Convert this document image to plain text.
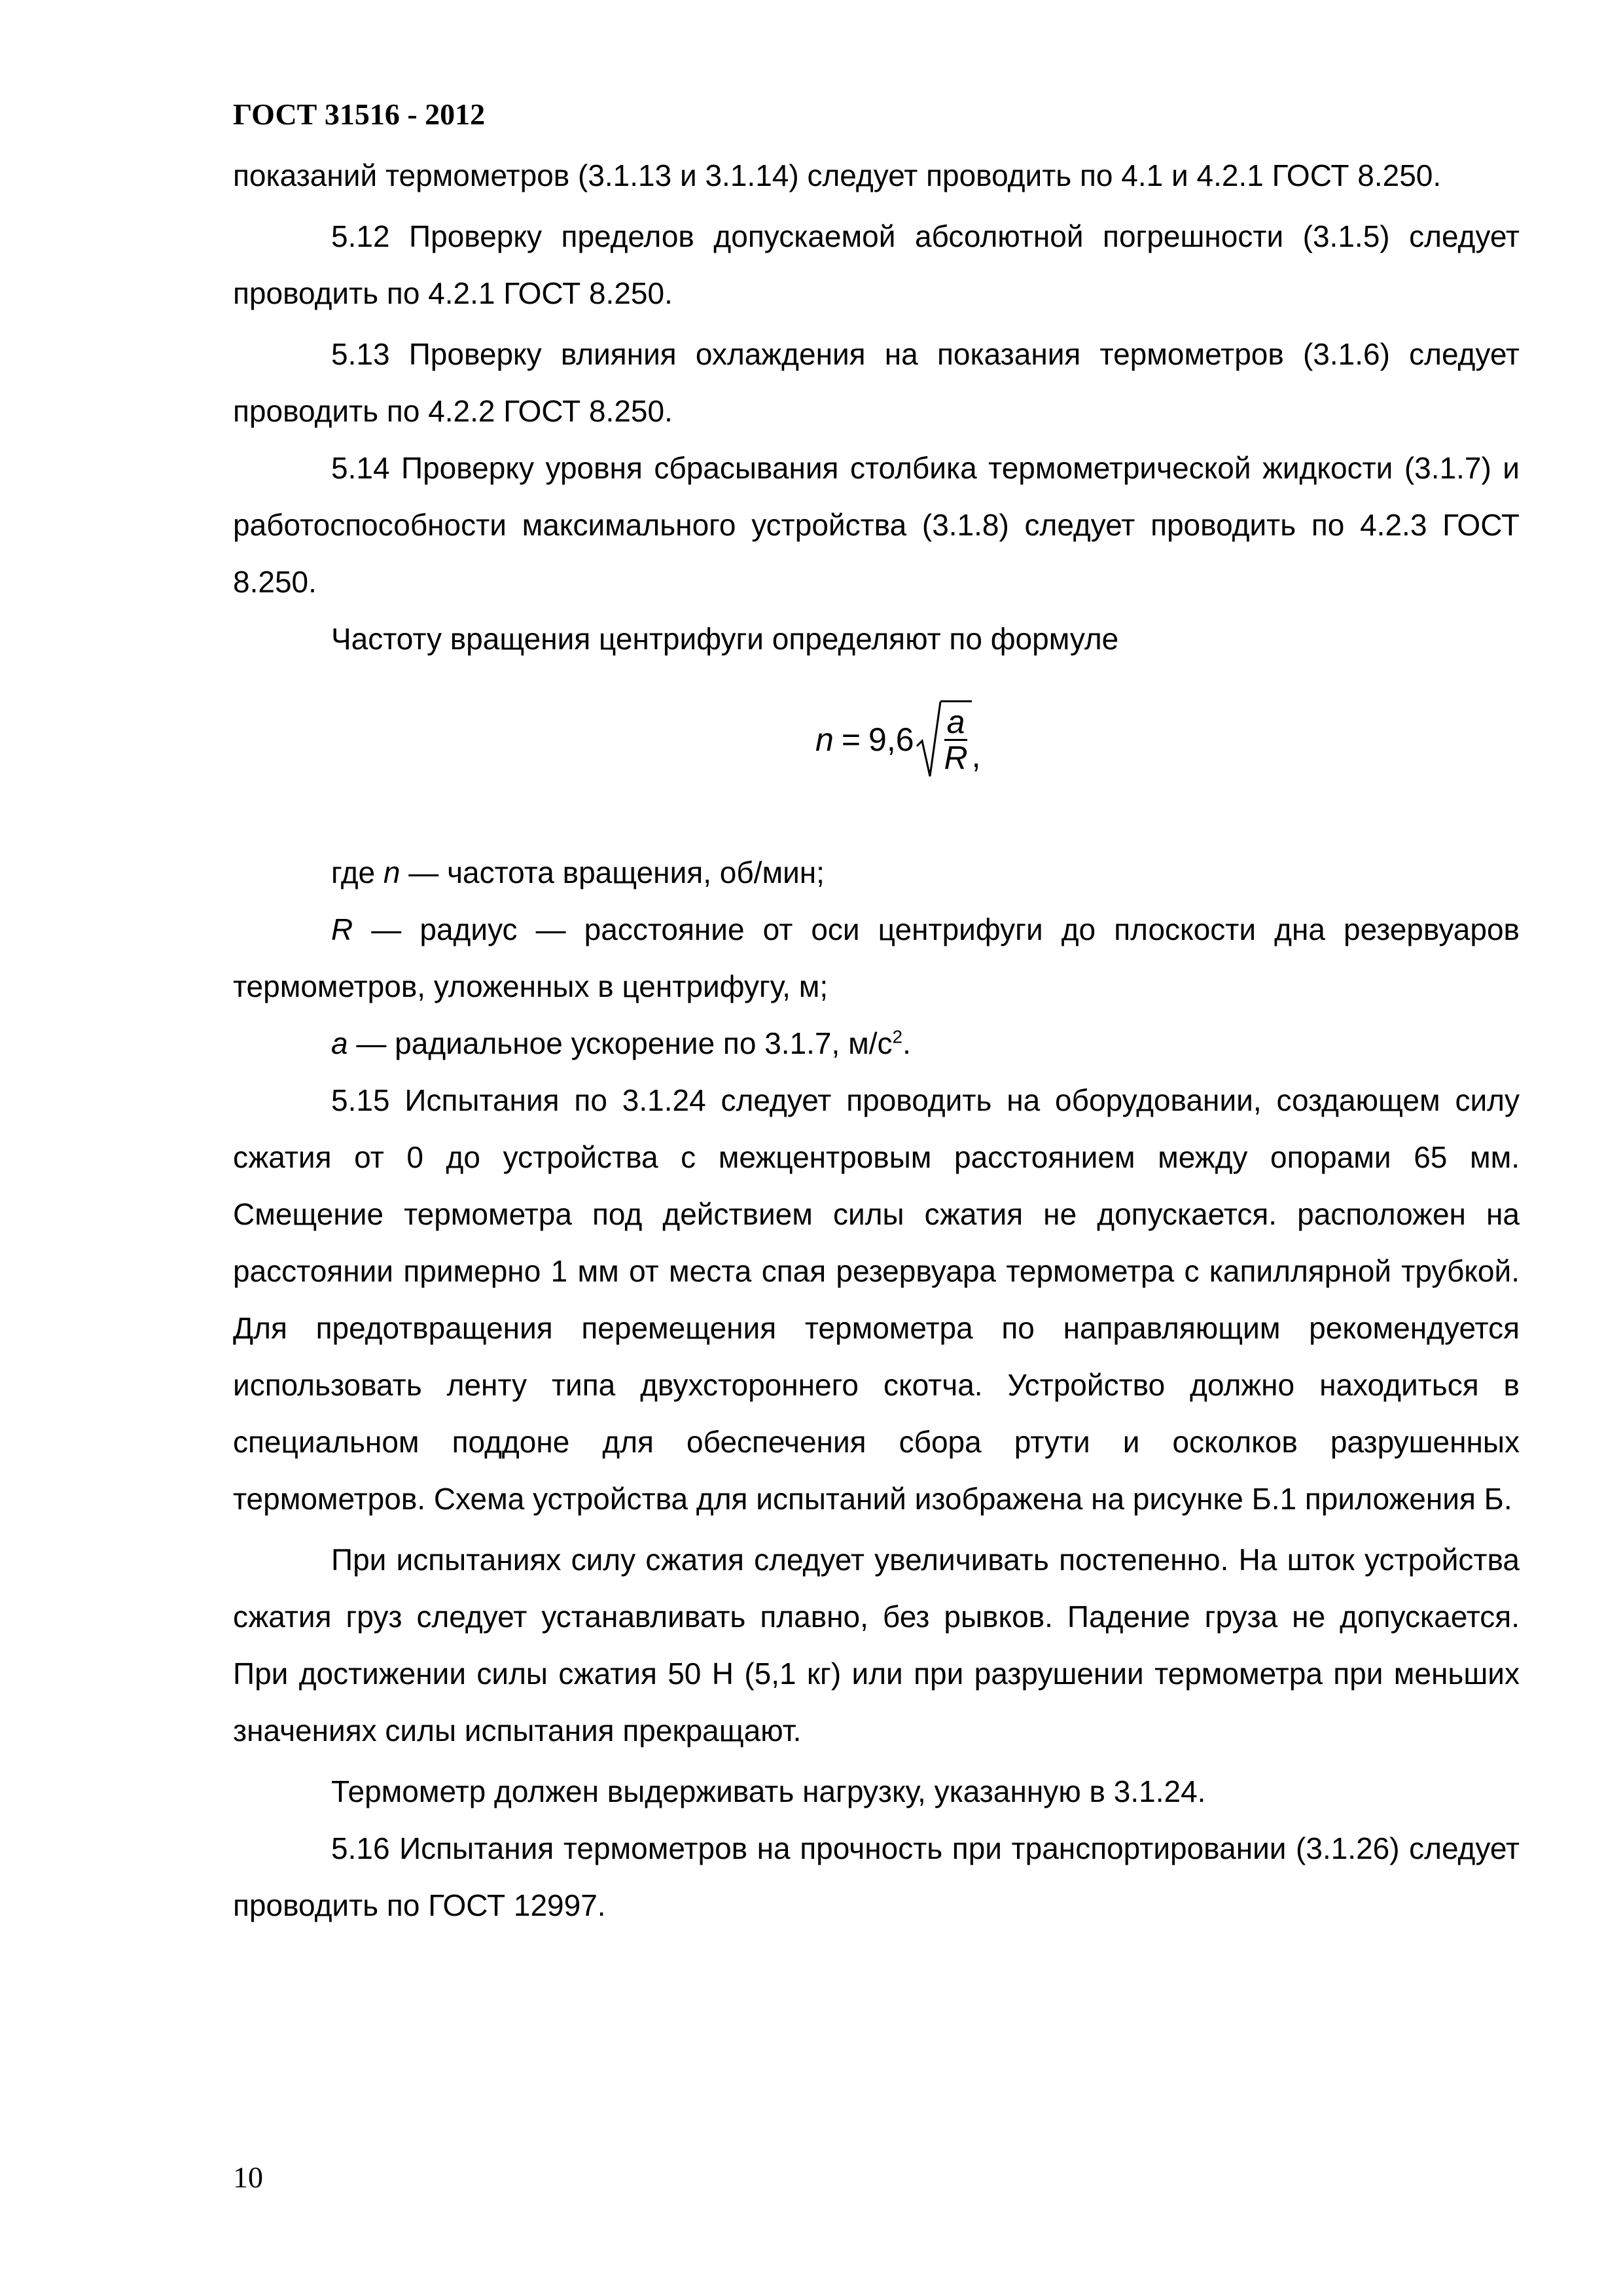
ГОСТ 31516 - 2012

показаний термометров (3.1.13 и 3.1.14) следует проводить по 4.1 и 4.2.1 ГОСТ 8.250.

5.12 Проверку пределов допускаемой абсолютной погрешности (3.1.5) следует проводить по 4.2.1 ГОСТ 8.250.

5.13 Проверку влияния охлаждения на показания термометров (3.1.6) следует проводить по 4.2.2 ГОСТ 8.250.

5.14 Проверку уровня сбрасывания столбика термометрической жидкости (3.1.7) и работоспособности максимального устройства (3.1.8) следует проводить по 4.2.3 ГОСТ 8.250.

Частоту вращения центрифуги определяют по формуле

$n = 9,6 \frac{a}{R}$ ,

где n — частота вращения, об/мин;

R — радиус — расстояние от оси центрифуги до плоскости дна резервуаров термометров, уложенных в центрифугу, м;

a — радиальное ускорение по 3.1.7, $м/с^2$.

5.15 Испытания по 3.1.24 следует проводить на оборудовании, создающем силу сжатия от 0 до устройства с межцентровым расстоянием между опорами 65 мм. Смещение термометра под действием силы сжатия не допускается. расположен на расстоянии примерно 1 мм от места спая резервуара термометра с капиллярной трубкой. Для предотвращения перемещения термометра по направляющим рекомендуется использовать ленту типа двухстороннего скотча. Устройство должно находиться в специальном поддоне для обеспечения сбора ртути и осколков разрушенных термометров. Схема устройства для испытаний изображена на рисунке Б.1 приложения Б.

При испытаниях силу сжатия следует увеличивать постепенно. На шток устройства сжатия груз следует устанавливать плавно, без рывков. Падение груза не допускается. При достижении силы сжатия 50 Н (5,1 кг) или при разрушении термометра при меньших значениях силы испытания прекращают.

Термометр должен выдерживать нагрузку, указанную в 3.1.24.

5.16 Испытания термометров на прочность при транспортировании (3.1.26) следует проводить по ГОСТ 12997.

10
